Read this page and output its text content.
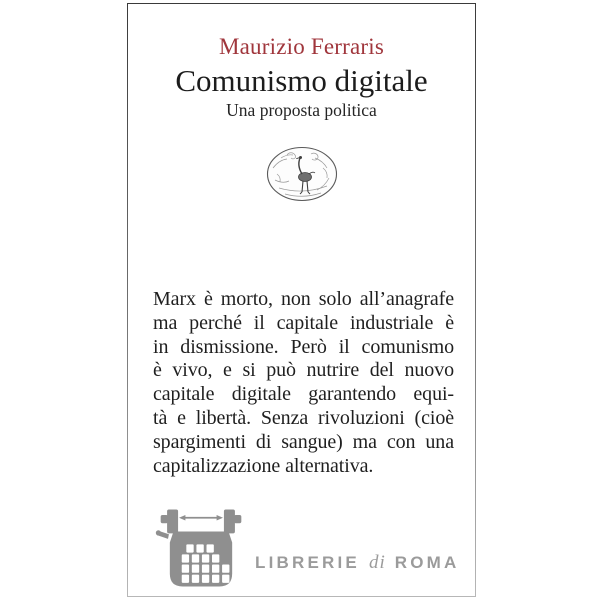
Maurizio Ferraris
Comunismo digitale
Una proposta politica
Marx è morto, non solo all’anagrafe
ma perché il capitale industriale è
in dismissione. Però il comunismo
è vivo, e si può nutrire del nuovo
capitale digitale garantendo equi-
tà e libertà. Senza rivoluzioni (cioè
spargimenti di sangue) ma con una
capitalizzazione alternativa.
LIBRERIE di ROMA
